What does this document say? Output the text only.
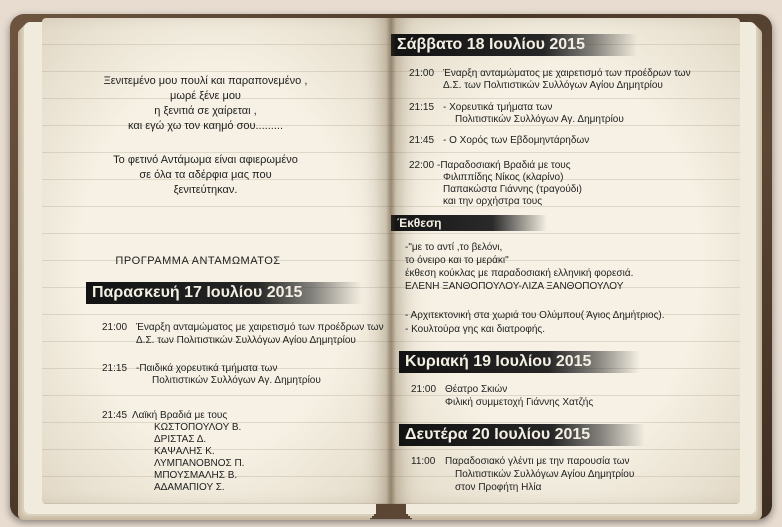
Ξενιτεμένο μου πουλί και παραπονεμένο ,
μωρέ ξένε μου
η ξενιτιά σε χαίρεται ,
και εγώ χω τον καημό σου.........
Το φετινό Αντάμωμα είναι αφιερωμένο
σε όλα τα αδέρφια μας που
ξενιτεύτηκαν.
ΠΡΟΓΡΑΜΜΑ ΑΝΤΑΜΩΜΑΤΟΣ
Παρασκευή 17 Ιουλίου 2015
21:00 Έναρξη ανταμώματος με χαιρετισμό των προέδρων των
Δ.Σ. των Πολιτιστικών Συλλόγων Αγίου Δημητρίου
21:15 -Παιδικά χορευτικά τμήματα των
Πολιτιστικών Συλλόγων Αγ. Δημητρίου
21:45 Λαϊκή Βραδιά με τους
ΚΩΣΤΟΠΟΥΛΟΥ Β.
ΔΡΙΣΤΑΣ Δ.
ΚΑΨΑΛΗΣ Κ.
ΛΥΜΠΑΝΟΒΝΟΣ Π.
ΜΠΟΥΣΜΑΛΗΣ Β.
ΑΔΑΜΑΠΙΟΥ Σ.
Σάββατο 18 Ιουλίου 2015
21:00 Έναρξη ανταμώματος με χαιρετισμό των προέδρων των
Δ.Σ. των Πολιτιστικών Συλλόγων Αγίου Δημητρίου
21:15 - Χορευτικά τμήματα των
Πολιτιστικών Συλλόγων Αγ. Δημητρίου
21:45 - Ο Χορός των Εβδομηντάρηδων
22:00 -Παραδοσιακή Βραδιά με τους
Φιλιππίδης Νίκος (κλαρίνο)
Παπακώστα Γιάννης (τραγούδι)
και την ορχήστρα τους
Έκθεση
-"με το αντί ,το βελόνι,
το όνειρο και το μεράκι"
έκθεση κούκλας με παραδοσιακή ελληνική φορεσιά.
ΕΛΕΝΗ ΞΑΝΘΟΠΟΥΛΟΥ-ΛΙΖΑ ΞΑΝΘΟΠΟΥΛΟΥ
- Αρχιτεκτονική στα χωριά του Ολύμπου( Άγιος Δημήτριος).
- Κουλτούρα γης και διατροφής.
Κυριακή 19 Ιουλίου 2015
21:00 Θέατρο Σκιών
Φιλική συμμετοχή Γιάννης Χατζής
Δευτέρα 20 Ιουλίου 2015
11:00 Παραδοσιακό γλέντι με την παρουσία των
Πολιτιστικών Συλλόγων Αγίου Δημητρίου
στον Προφήτη Ηλία
